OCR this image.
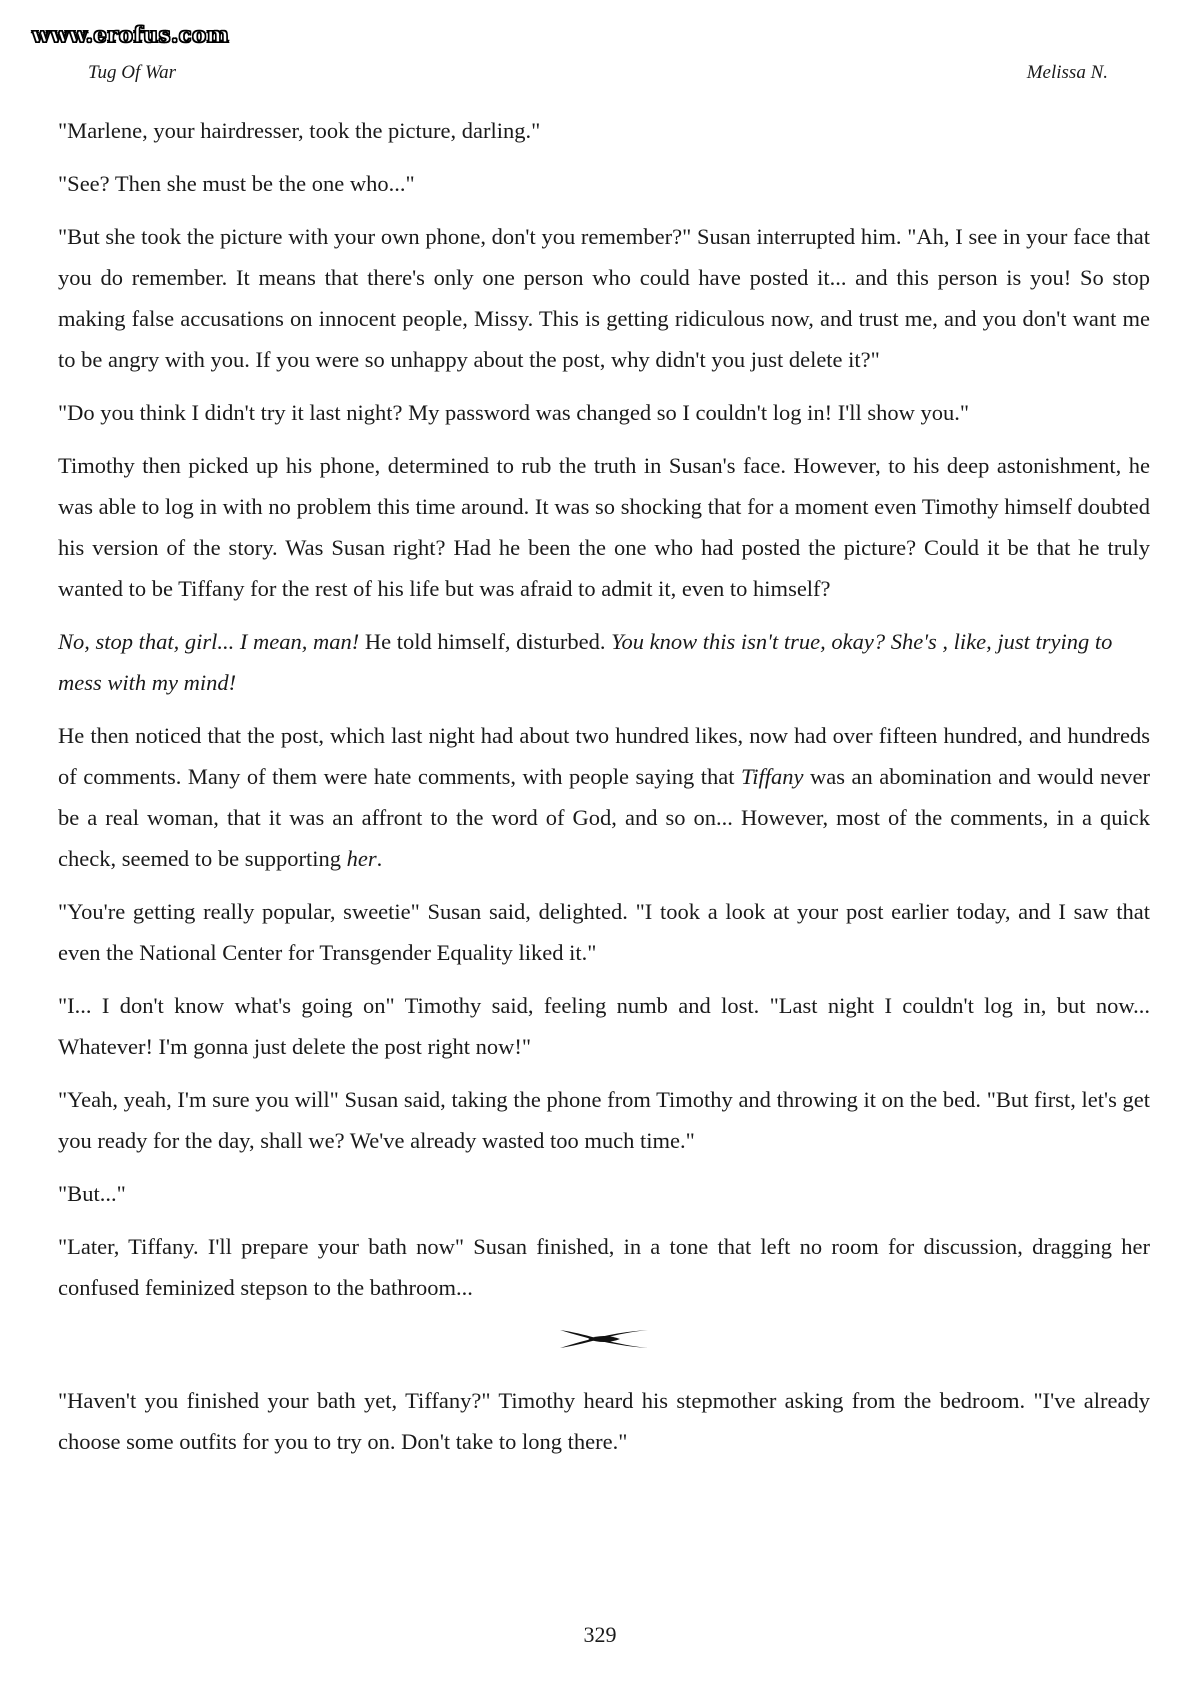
www.erofus.com
Tug Of War	Melissa N.

"Marlene, your hairdresser, took the picture, darling."

"See? Then she must be the one who..."

"But she took the picture with your own phone, don't you remember?" Susan interrupted him. "Ah, I see in your face that you do remember. It means that there's only one person who could have posted it... and this person is you! So stop making false accusations on innocent people, Missy. This is getting ridiculous now, and trust me, and you don't want me to be angry with you. If you were so unhappy about the post, why didn't you just delete it?"

"Do you think I didn't try it last night? My password was changed so I couldn't log in! I'll show you."

Timothy then picked up his phone, determined to rub the truth in Susan's face. However, to his deep astonishment, he was able to log in with no problem this time around. It was so shocking that for a moment even Timothy himself doubted his version of the story. Was Susan right? Had he been the one who had posted the picture? Could it be that he truly wanted to be Tiffany for the rest of his life but was afraid to admit it, even to himself?

No, stop that, girl... I mean, man! He told himself, disturbed. You know this isn't true, okay? She's , like, just trying to mess with my mind!

He then noticed that the post, which last night had about two hundred likes, now had over fifteen hundred, and hundreds of comments. Many of them were hate comments, with people saying that Tiffany was an abomination and would never be a real woman, that it was an affront to the word of God, and so on... However, most of the comments, in a quick check, seemed to be supporting her.

"You're getting really popular, sweetie" Susan said, delighted. "I took a look at your post earlier today, and I saw that even the National Center for Transgender Equality liked it."

"I... I don't know what's going on" Timothy said, feeling numb and lost. "Last night I couldn't log in, but now... Whatever! I'm gonna just delete the post right now!"

"Yeah, yeah, I'm sure you will" Susan said, taking the phone from Timothy and throwing it on the bed. "But first, let's get you ready for the day, shall we? We've already wasted too much time."

"But..."

"Later, Tiffany. I'll prepare your bath now" Susan finished, in a tone that left no room for discussion, dragging her confused feminized stepson to the bathroom...

"Haven't you finished your bath yet, Tiffany?" Timothy heard his stepmother asking from the bedroom. "I've already choose some outfits for you to try on. Don't take to long there."

329
